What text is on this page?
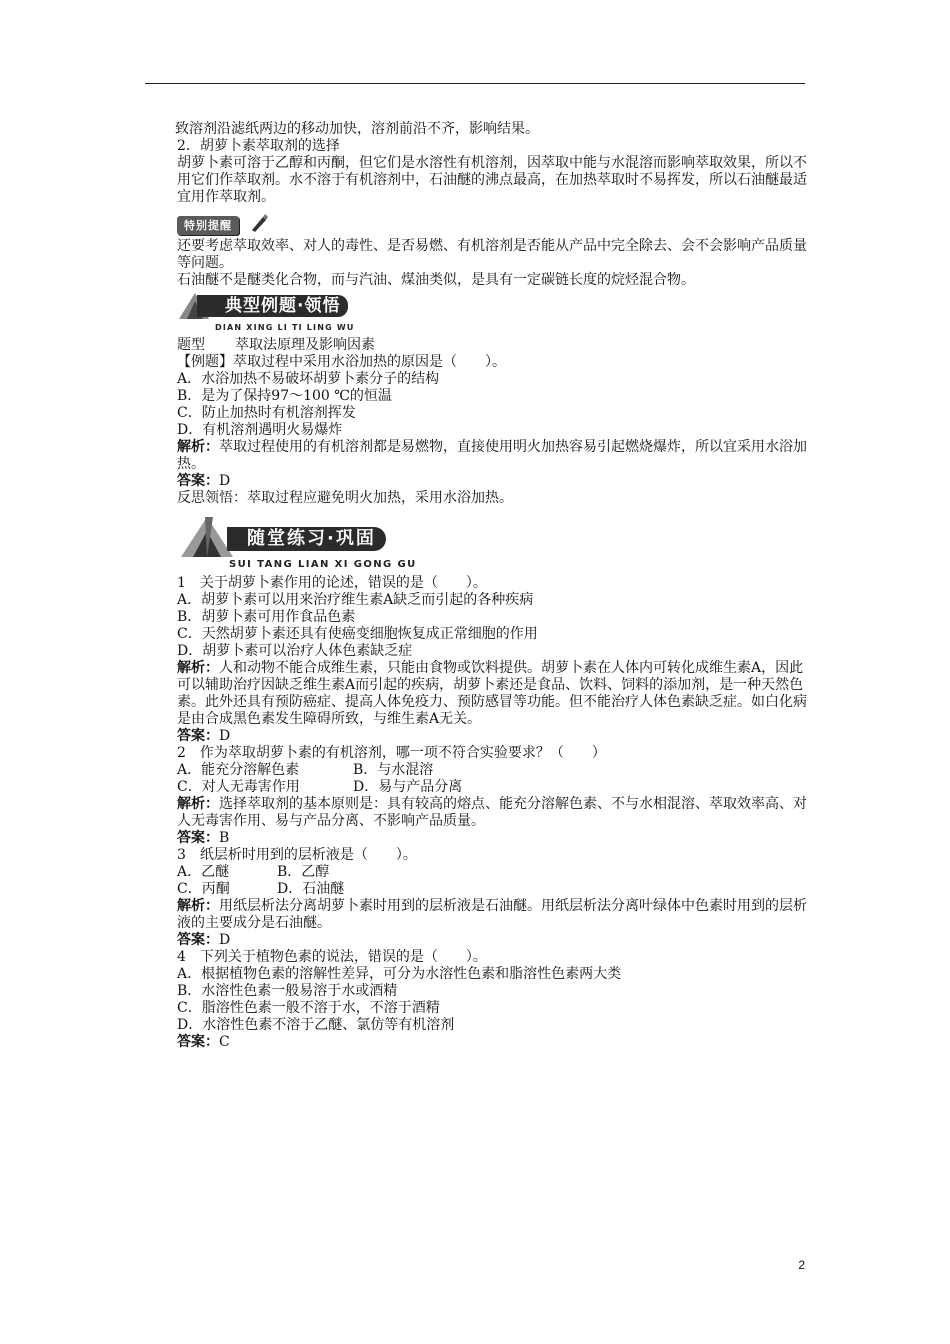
致溶剂沿滤纸两边的移动加快，溶剂前沿不齐，影响结果。
2．胡萝卜素萃取剂的选择
胡萝卜素可溶于乙醇和丙酮，但它们是水溶性有机溶剂，因萃取中能与水混溶而影响萃取效果，所以不用它们作萃取剂。水不溶于有机溶剂中，石油醚的沸点最高，在加热萃取时不易挥发，所以石油醚最适宜用作萃取剂。
特别提醒
还要考虑萃取效率、对人的毒性、是否易燃、有机溶剂是否能从产品中完全除去、会不会影响产品质量等问题。
石油醚不是醚类化合物，而与汽油、煤油类似，是具有一定碳链长度的烷烃混合物。
典型例题·领悟
DIAN XING LI TI LING WU
题型 萃取法原理及影响因素
【例题】萃取过程中采用水浴加热的原因是（　　）。
A．水浴加热不易破坏胡萝卜素分子的结构
B．是为了保持97～100 ℃的恒温
C．防止加热时有机溶剂挥发
D．有机溶剂遇明火易爆炸
解析：萃取过程使用的有机溶剂都是易燃物，直接使用明火加热容易引起燃烧爆炸，所以宜采用水浴加热。
答案：D
反思领悟：萃取过程应避免明火加热，采用水浴加热。
随堂练习·巩固
SUI TANG LIAN XI GONG GU
1　关于胡萝卜素作用的论述，错误的是（　　）。
A．胡萝卜素可以用来治疗维生素A缺乏而引起的各种疾病
B．胡萝卜素可用作食品色素
C．天然胡萝卜素还具有使癌变细胞恢复成正常细胞的作用
D．胡萝卜素可以治疗人体色素缺乏症
解析：人和动物不能合成维生素，只能由食物或饮料提供。胡萝卜素在人体内可转化成维生素A，因此可以辅助治疗因缺乏维生素A而引起的疾病，胡萝卜素还是食品、饮料、饲料的添加剂，是一种天然色素。此外还具有预防癌症、提高人体免疫力、预防感冒等功能。但不能治疗人体色素缺乏症。如白化病是由合成黑色素发生障碍所致，与维生素A无关。
答案：D
2　作为萃取胡萝卜素的有机溶剂，哪一项不符合实验要求？（　　）
A．能充分溶解色素	B．与水混溶
C．对人无毒害作用	D．易与产品分离
解析：选择萃取剂的基本原则是：具有较高的熔点、能充分溶解色素、不与水相混溶、萃取效率高、对人无毒害作用、易与产品分离、不影响产品质量。
答案：B
3　纸层析时用到的层析液是（　　）。
A．乙醚	B．乙醇
C．丙酮	D．石油醚
解析：用纸层析法分离胡萝卜素时用到的层析液是石油醚。用纸层析法分离叶绿体中色素时用到的层析液的主要成分是石油醚。
答案：D
4　下列关于植物色素的说法，错误的是（　　）。
A．根据植物色素的溶解性差异，可分为水溶性色素和脂溶性色素两大类
B．水溶性色素一般易溶于水或酒精
C．脂溶性色素一般不溶于水，不溶于酒精
D．水溶性色素不溶于乙醚、氯仿等有机溶剂
答案：C
2
